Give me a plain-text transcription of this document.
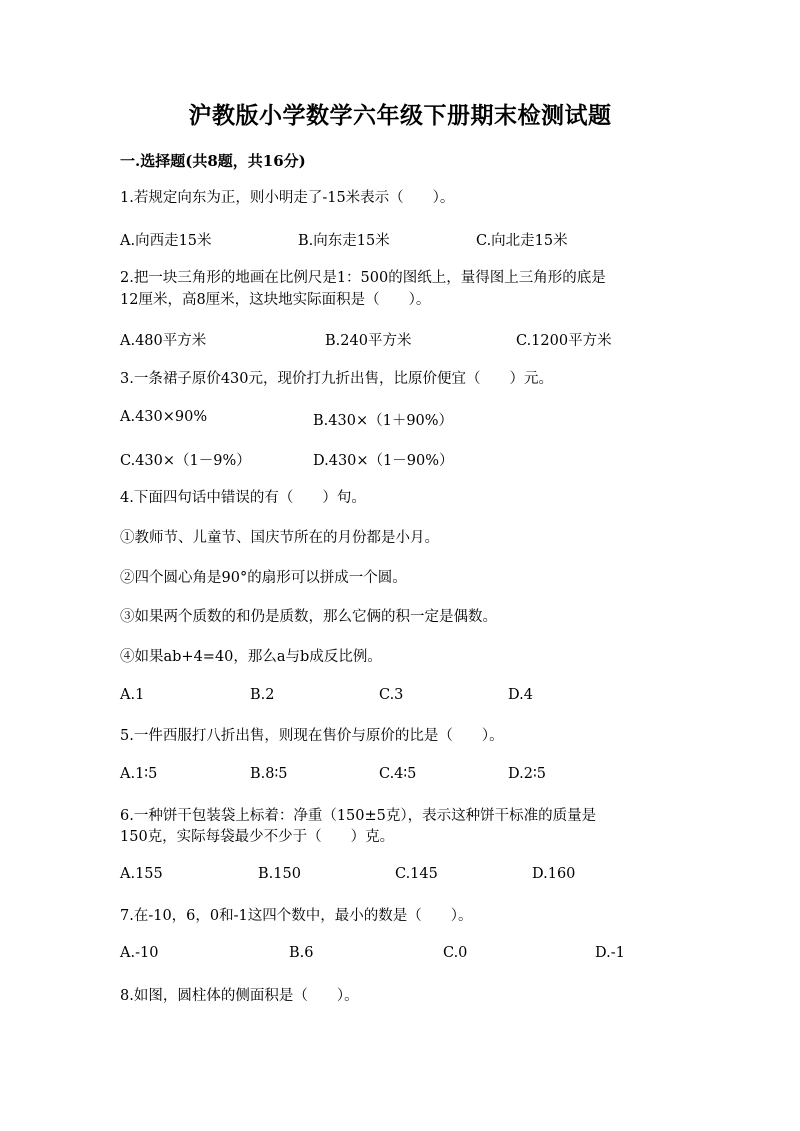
沪教版小学数学六年级下册期末检测试题
一.选择题(共8题，共16分)
1.若规定向东为正，则小明走了-15米表示（　　）。
A.向西走15米	B.向东走15米	C.向北走15米
2.把一块三角形的地画在比例尺是1：500的图纸上，量得图上三角形的底是
12厘米，高8厘米，这块地实际面积是（　　）。
A.480平方米	B.240平方米	C.1200平方米
3.一条裙子原价430元，现价打九折出售，比原价便宜（　　）元。
A.430×90%	B.430×（1＋90%）
C.430×（1－9%）	D.430×（1－90%）
4.下面四句话中错误的有（　　）句。
①教师节、儿童节、国庆节所在的月份都是小月。
②四个圆心角是90°的扇形可以拼成一个圆。
③如果两个质数的和仍是质数，那么它俩的积一定是偶数。
④如果ab+4=40，那么a与b成反比例。
A.1	B.2	C.3	D.4
5.一件西服打八折出售，则现在售价与原价的比是（　　）。
A.1∶5	B.8∶5	C.4∶5	D.2∶5
6.一种饼干包装袋上标着：净重（150±5克），表示这种饼干标准的质量是
150克，实际每袋最少不少于（　　）克。
A.155	B.150	C.145	D.160
7.在-10，6，0和-1这四个数中，最小的数是（　　）。
A.-10	B.6	C.0	D.-1
8.如图，圆柱体的侧面积是（　　）。
